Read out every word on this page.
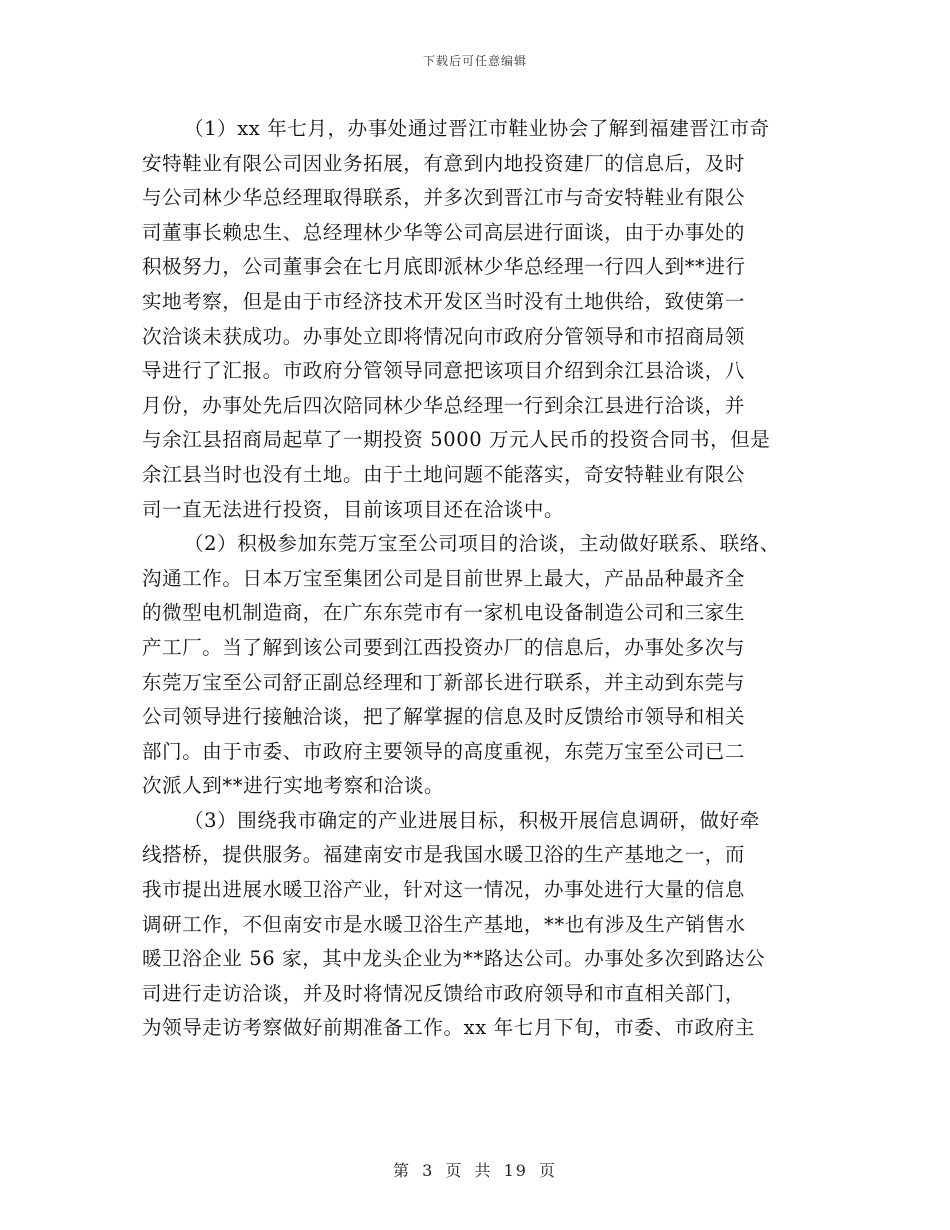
下载后可任意编辑
（1）xx 年七月，办事处通过晋江市鞋业协会了解到福建晋江市奇
安特鞋业有限公司因业务拓展，有意到内地投资建厂的信息后，及时
与公司林少华总经理取得联系，并多次到晋江市与奇安特鞋业有限公
司董事长赖忠生、总经理林少华等公司高层进行面谈，由于办事处的
积极努力，公司董事会在七月底即派林少华总经理一行四人到**进行
实地考察，但是由于市经济技术开发区当时没有土地供给，致使第一
次洽谈未获成功。办事处立即将情况向市政府分管领导和市招商局领
导进行了汇报。市政府分管领导同意把该项目介绍到余江县洽谈，八
月份，办事处先后四次陪同林少华总经理一行到余江县进行洽谈，并
与余江县招商局起草了一期投资 5000 万元人民币的投资合同书，但是
余江县当时也没有土地。由于土地问题不能落实，奇安特鞋业有限公
司一直无法进行投资，目前该项目还在洽谈中。
（2）积极参加东莞万宝至公司项目的洽谈，主动做好联系、联络、
沟通工作。日本万宝至集团公司是目前世界上最大，产品品种最齐全
的微型电机制造商，在广东东莞市有一家机电设备制造公司和三家生
产工厂。当了解到该公司要到江西投资办厂的信息后，办事处多次与
东莞万宝至公司舒正副总经理和丁新部长进行联系，并主动到东莞与
公司领导进行接触洽谈，把了解掌握的信息及时反馈给市领导和相关
部门。由于市委、市政府主要领导的高度重视，东莞万宝至公司已二
次派人到**进行实地考察和洽谈。
（3）围绕我市确定的产业进展目标，积极开展信息调研，做好牵
线搭桥，提供服务。福建南安市是我国水暖卫浴的生产基地之一，而
我市提出进展水暖卫浴产业，针对这一情况，办事处进行大量的信息
调研工作，不但南安市是水暖卫浴生产基地，**也有涉及生产销售水
暖卫浴企业 56 家，其中龙头企业为**路达公司。办事处多次到路达公
司进行走访洽谈，并及时将情况反馈给市政府领导和市直相关部门，
为领导走访考察做好前期准备工作。xx 年七月下旬，市委、市政府主
第 3 页 共 19 页
